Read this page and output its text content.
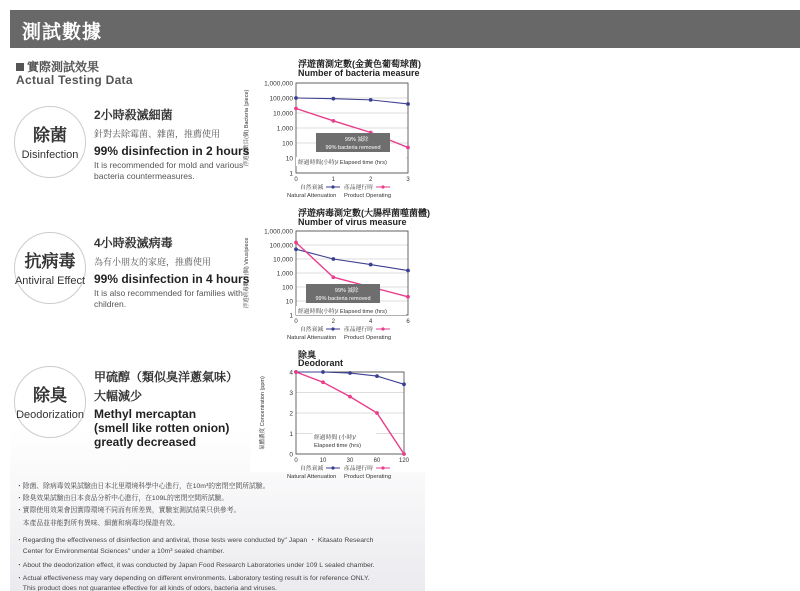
測試數據
實際測試效果
Actual Testing Data
除菌
Disinfection
2小時殺滅細菌
針對去除霉菌、雜菌，推薦使用
99% disinfection in 2 hours
It is recommended for mold and various bacteria countermeasures.
抗病毒
Antiviral Effect
4小時殺滅病毒
為有小朋友的家庭，推薦使用
99% disinfection in 4 hours
It is also recommended for families with children.
除臭
Deodorization
甲硫醇（類似臭洋蔥氣味）
大幅減少
Methyl mercaptan
(smell like rotten onion)
greatly decreased
浮遊菌測定數(金黃色葡萄球菌)
Number of bacteria measure
1,000,000
100,000
10,000
1,000
100
10
1
浮遊菌數目(個) Bacteria (piece)
0	1	2	3
99% 滅除
99% bacteria removed
經過時間(小時)/ Elapsed time (hrs)
自然衰減	產品運行時
Natural Attenuation Product Operating
浮遊病毒測定數(大腸桿菌噬菌體)
Number of virus measure
1,000,000
100,000
10,000
1,000
100
10
1
浮遊病毒數目(個) Virus/piece
0	2	4	6
99% 滅除
99% bacteria removed
經過時間(小時)/ Elapsed time (hrs)
自然衰減	產品運行時
Natural Attenuation Product Operating
除臭
Deodorant
4
3
2
1
0
氣體濃度 Concentration (ppm)
0	10	30	60	120
經過時間 (小時)/
Elapsed time (hrs)
自然衰減	產品運行時
Natural Attenuation Product Operating
・除菌、除病毒效果試驗由日本北里環境科學中心進行，在10m³的密閉空間所試驗。
・除臭效果試驗由日本食品分析中心進行，在109L的密閉空間所試驗。
・實際使用效果會因實際環境不同而有所差異，實驗室測試結果只供參考。
　本產品並非能對所有異味、細菌和病毒均保證有效。
・Regarding the effectiveness of disinfection and antiviral, those tests were conducted by" Japan ・ Kitasato Research
　Center for Environmental Sciences" under a 10m³ sealed chamber.
・About the deodorization effect, it was conducted by Japan Food Research Laboratories under 109 L sealed chamber.
・Actual effectiveness may vary depending on different environments. Laboratory testing result is for reference ONLY.
　This product does not guarantee effective for all kinds of odors, bacteria and viruses.
